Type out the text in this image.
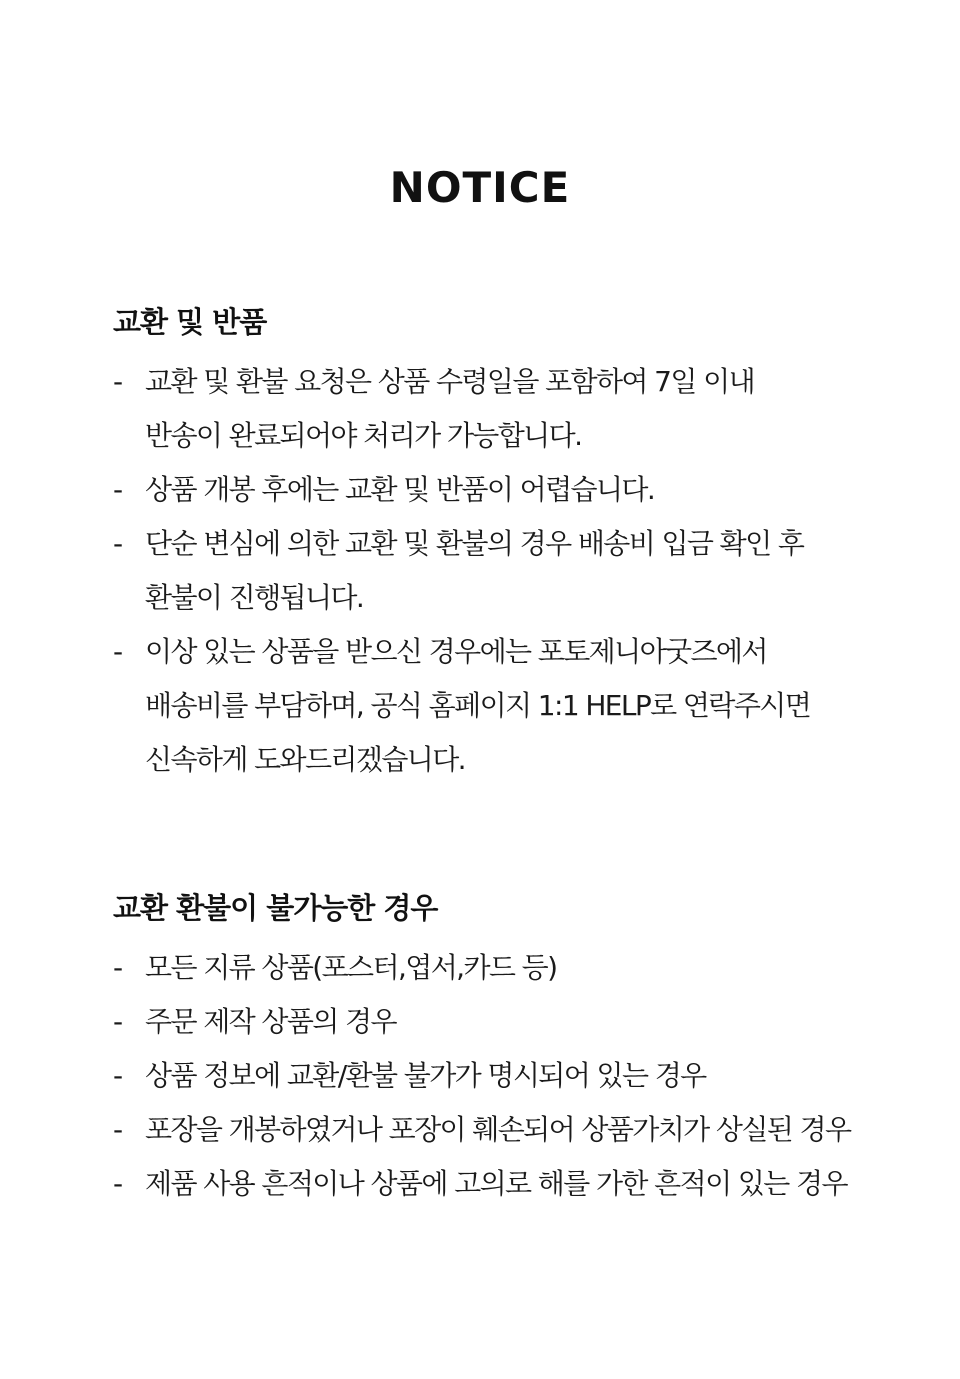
NOTICE
교환 및 반품
- 교환 및 환불 요청은 상품 수령일을 포함하여 7일 이내
반송이 완료되어야 처리가 가능합니다.
- 상품 개봉 후에는 교환 및 반품이 어렵습니다.
- 단순 변심에 의한 교환 및 환불의 경우 배송비 입금 확인 후
환불이 진행됩니다.
- 이상 있는 상품을 받으신 경우에는 포토제니아굿즈에서
배송비를 부담하며, 공식 홈페이지 1:1 HELP로 연락주시면
신속하게 도와드리겠습니다.
교환 환불이 불가능한 경우
- 모든 지류 상품(포스터,엽서,카드 등)
- 주문 제작 상품의 경우
- 상품 정보에 교환/환불 불가가 명시되어 있는 경우
- 포장을 개봉하였거나 포장이 훼손되어 상품가치가 상실된 경우
- 제품 사용 흔적이나 상품에 고의로 해를 가한 흔적이 있는 경우
